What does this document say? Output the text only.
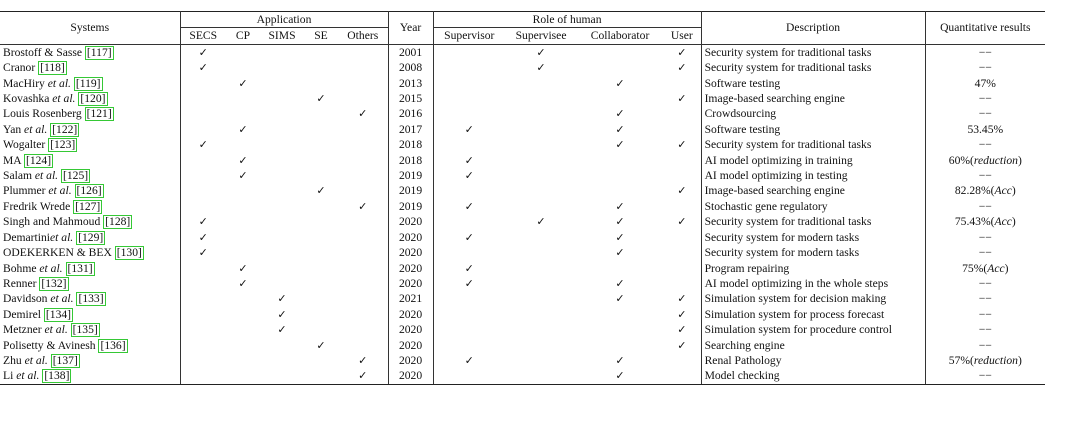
Systems	Application					Year	Role of human				Description	Quantitative results
	SECS	CP	SIMS	SE	Others		Supervisor	Supervisee	Collaborator	User		
Brostoff & Sasse [117]	✓					2001		✓		✓	Security system for traditional tasks	−−
Cranor [118]	✓					2008		✓		✓	Security system for traditional tasks	−−
MacHiry et al. [119]		✓				2013			✓		Software testing	47%
Kovashka et al. [120]				✓		2015				✓	Image-based searching engine	−−
Louis Rosenberg [121]					✓	2016			✓		Crowdsourcing	−−
Yan et al. [122]		✓				2017	✓		✓		Software testing	53.45%
Wogalter [123]	✓					2018			✓	✓	Security system for traditional tasks	−−
MA [124]		✓				2018	✓				AI model optimizing in training	60%(reduction)
Salam et al. [125]		✓				2019	✓				AI model optimizing in testing	−−
Plummer et al. [126]				✓		2019				✓	Image-based searching engine	82.28%(Acc)
Fredrik Wrede [127]					✓	2019	✓		✓		Stochastic gene regulatory	−−
Singh and Mahmoud [128]	✓					2020		✓	✓	✓	Security system for traditional tasks	75.43%(Acc)
Demartiniet al. [129]	✓					2020	✓		✓		Security system for modern tasks	−−
ODEKERKEN & BEX [130]	✓					2020			✓		Security system for modern tasks	−−
Bohme et al. [131]		✓				2020	✓				Program repairing	75%(Acc)
Renner [132]		✓				2020	✓		✓		AI model optimizing in the whole steps	−−
Davidson et al. [133]			✓			2021			✓	✓	Simulation system for decision making	−−
Demirel [134]			✓			2020				✓	Simulation system for process forecast	−−
Metzner et al. [135]			✓			2020				✓	Simulation system for procedure control	−−
Polisetty & Avinesh [136]				✓		2020				✓	Searching engine	−−
Zhu et al. [137]					✓	2020	✓		✓		Renal Pathology	57%(reduction)
Li et al. [138]					✓	2020			✓		Model checking	−−
